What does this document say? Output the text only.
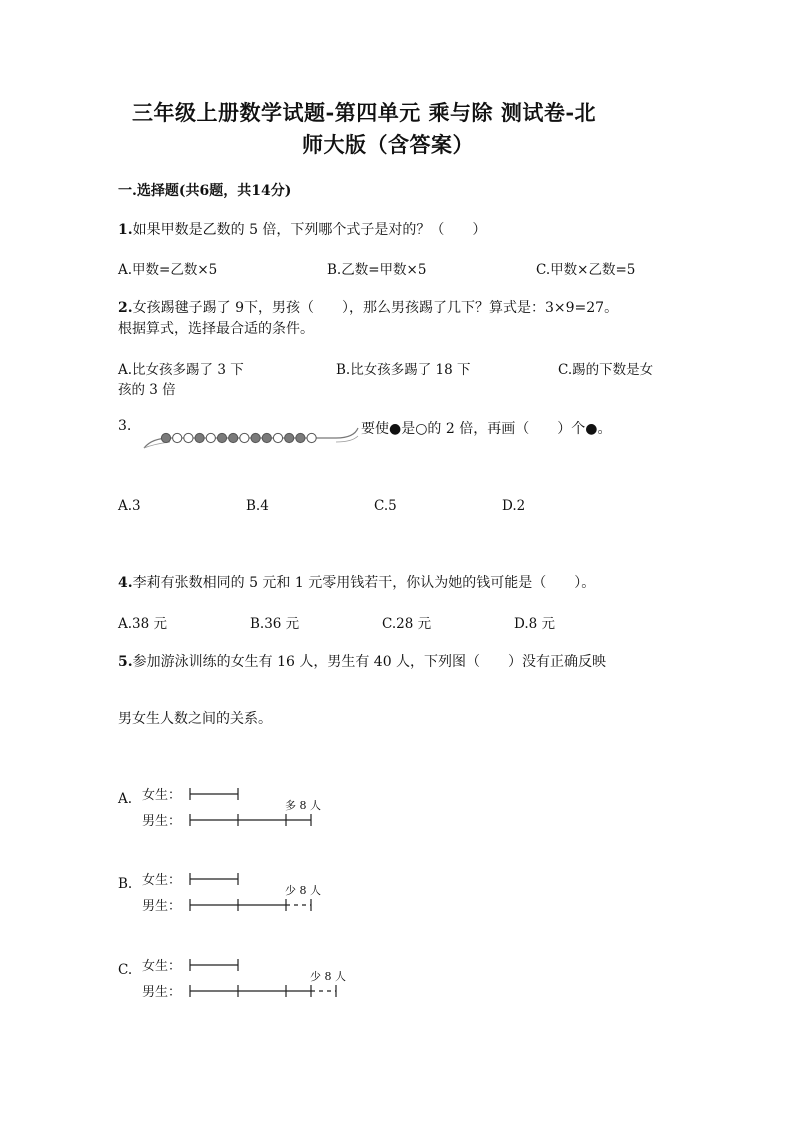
三年级上册数学试题-第四单元 乘与除 测试卷-北
师大版（含答案）
一.选择题(共6题，共14分)
1.如果甲数是乙数的 5 倍，下列哪个式子是对的？（　　）
A.甲数=乙数×5	B.乙数=甲数×5	C.甲数×乙数=5
2.女孩踢毽子踢了 9下，男孩（　　），那么男孩踢了几下？算式是：3×9=27。
根据算式，选择最合适的条件。
A.比女孩多踢了 3 下	B.比女孩多踢了 18 下	C.踢的下数是女
孩的 3 倍
3.	要使●是○的 2 倍，再画（　　）个●。
A.3	B.4	C.5	D.2
4.李莉有张数相同的 5 元和 1 元零用钱若干，你认为她的钱可能是（　　）。
A.38 元	B.36 元	C.28 元	D.8 元
5.参加游泳训练的女生有 16 人，男生有 40 人，下列图（　　）没有正确反映
男女生人数之间的关系。
A. 女生：
男生：
多 8 人
B. 女生：
男生：
少 8 人
C. 女生：
男生：
少 8 人
